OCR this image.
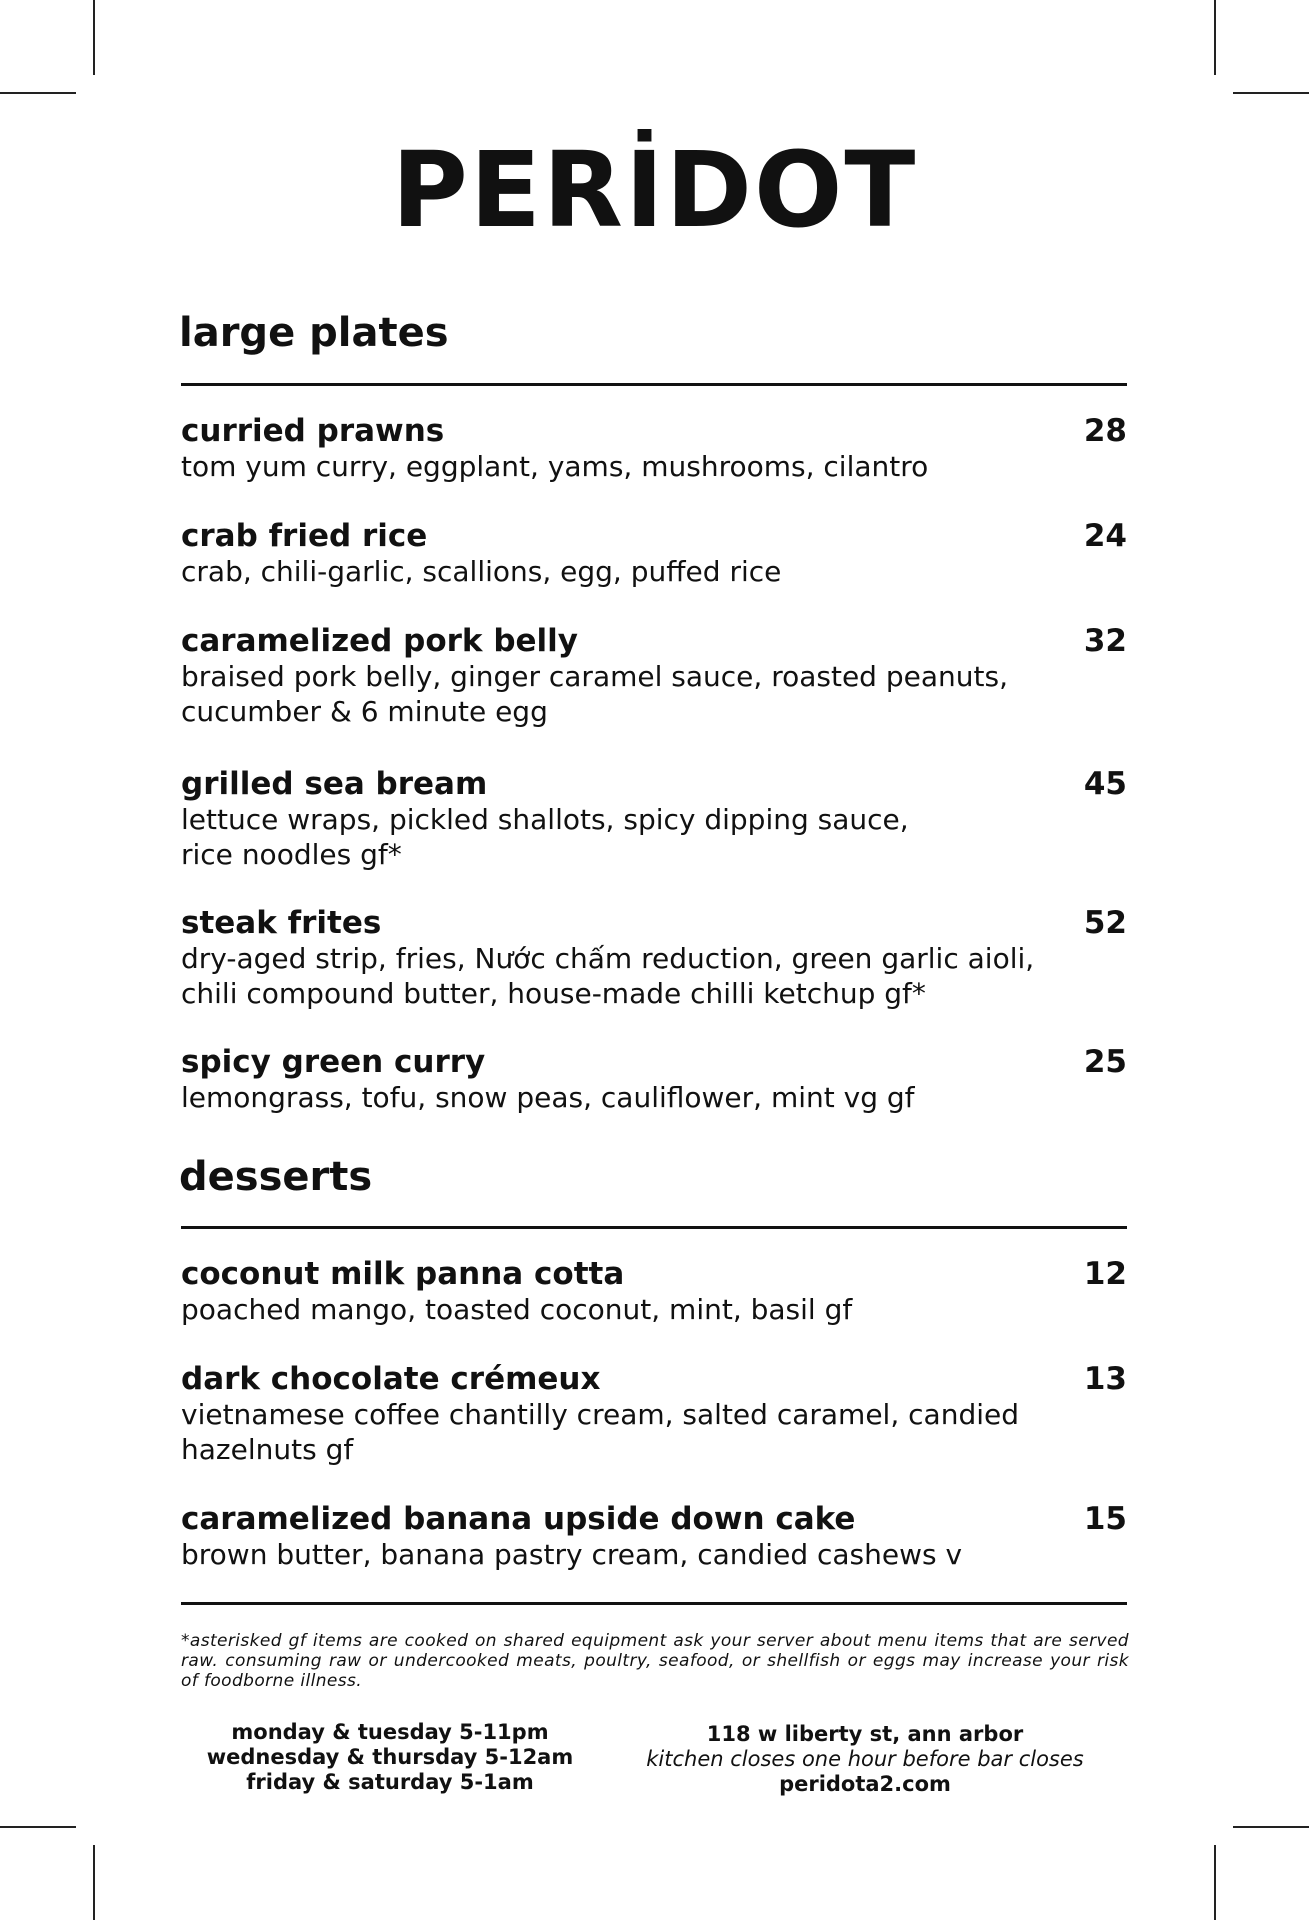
PERİDOT
large plates
curried prawns	28
tom yum curry, eggplant, yams, mushrooms, cilantro
crab fried rice	24
crab, chili-garlic, scallions, egg, puffed rice
caramelized pork belly	32
braised pork belly, ginger caramel sauce, roasted peanuts, cucumber & 6 minute egg
grilled sea bream	45
lettuce wraps, pickled shallots, spicy dipping sauce, rice noodles gf*
steak frites	52
dry-aged strip, fries, Nước chấm reduction, green garlic aioli, chili compound butter, house-made chilli ketchup gf*
spicy green curry	25
lemongrass, tofu, snow peas, cauliflower, mint vg gf
desserts
coconut milk panna cotta	12
poached mango, toasted coconut, mint, basil gf
dark chocolate crémeux	13
vietnamese coffee chantilly cream, salted caramel, candied hazelnuts gf
caramelized banana upside down cake	15
brown butter, banana pastry cream, candied cashews v
*asterisked gf items are cooked on shared equipment ask your server about menu items that are served raw. consuming raw or undercooked meats, poultry, seafood, or shellfish or eggs may increase your risk of foodborne illness.
monday & tuesday 5-11pm
wednesday & thursday 5-12am
friday & saturday 5-1am
118 w liberty st, ann arbor
kitchen closes one hour before bar closes
peridota2.com
